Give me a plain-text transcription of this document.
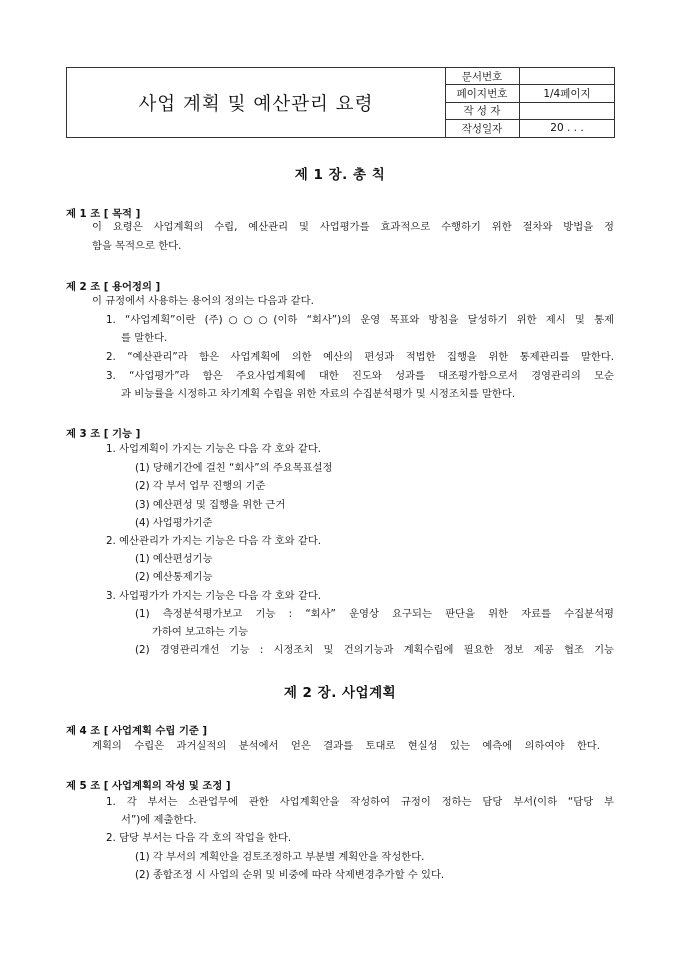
사업 계획 및 예산관리 요령
문서번호
페이지번호	1/4페이지
작 성 자
작성일자	20 . . .
제 1 장. 총 칙
제 1 조 [ 목적 ]
이 요령은 사업계획의 수립, 예산관리 및 사업평가를 효과적으로 수행하기 위한 절차와 방법을 정
함을 목적으로 한다.
제 2 조 [ 용어정의 ]
이 규정에서 사용하는 용어의 정의는 다음과 같다.
1. “사업계획”이란 (주)○○○(이하 “회사”)의 운영 목표와 방침을 달성하기 위한 제시 및 통제
를 말한다.
2. “예산관리”라 함은 사업계획에 의한 예산의 편성과 적법한 집행을 위한 통제관리를 말한다.
3. “사업평가”라 함은 주요사업계획에 대한 진도와 성과를 대조평가함으로서 경영관리의 모순
과 비능률을 시정하고 차기계획 수립을 위한 자료의 수집분석평가 및 시정조치를 말한다.
제 3 조 [ 기능 ]
1. 사업계획이 가지는 기능은 다음 각 호와 같다.
(1) 당해기간에 걸친 “회사”의 주요목표설정
(2) 각 부서 업무 진행의 기준
(3) 예산편성 및 집행을 위한 근거
(4) 사업평가기준
2. 예산관리가 가지는 기능은 다음 각 호와 같다.
(1) 예산편성기능
(2) 예산통제기능
3. 사업평가가 가지는 기능은 다음 각 호와 같다.
(1) 측정분석평가보고 기능 : “회사” 운영상 요구되는 판단을 위한 자료를 수집분석평
가하여 보고하는 기능
(2) 경영관리개선 기능 : 시정조치 및 건의기능과 계획수립에 필요한 정보 제공 협조 기능
제 2 장. 사업계획
제 4 조 [ 사업계획 수립 기준 ]
계획의 수립은 과거실적의 분석에서 얻은 결과를 토대로 현실성 있는 예측에 의하여야 한다.
제 5 조 [ 사업계획의 작성 및 조정 ]
1. 각 부서는 소관업무에 관한 사업계획안을 작성하여 규정이 정하는 담당 부서(이하 “담당 부
서”)에 제출한다.
2. 담당 부서는 다음 각 호의 작업을 한다.
(1) 각 부서의 계획안을 검토조정하고 부분별 계획안을 작성한다.
(2) 종합조정 시 사업의 순위 및 비중에 따라 삭제변경추가할 수 있다.
